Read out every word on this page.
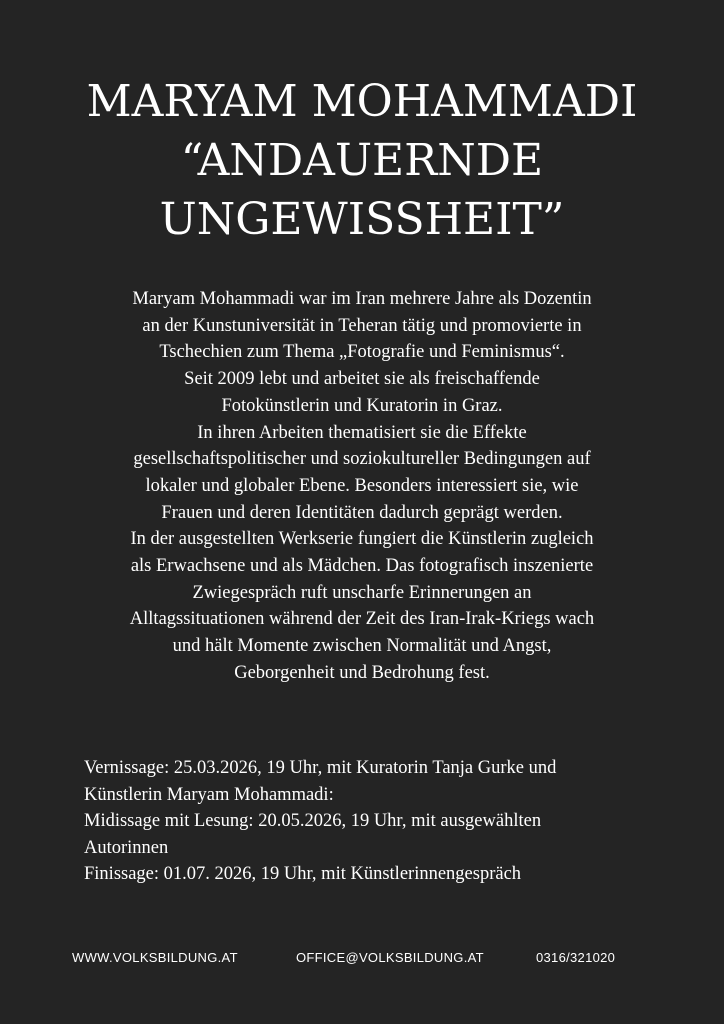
MARYAM MOHAMMADI
“ANDAUERNDE
UNGEWISSHEIT”
Maryam Mohammadi war im Iran mehrere Jahre als Dozentin
an der Kunstuniversität in Teheran tätig und promovierte in
Tschechien zum Thema „Fotografie und Feminismus“.
Seit 2009 lebt und arbeitet sie als freischaffende
Fotokünstlerin und Kuratorin in Graz.
In ihren Arbeiten thematisiert sie die Effekte
gesellschaftspolitischer und soziokultureller Bedingungen auf
lokaler und globaler Ebene. Besonders interessiert sie, wie
Frauen und deren Identitäten dadurch geprägt werden.
In der ausgestellten Werkserie fungiert die Künstlerin zugleich
als Erwachsene und als Mädchen. Das fotografisch inszenierte
Zwiegespräch ruft unscharfe Erinnerungen an
Alltagssituationen während der Zeit des Iran-Irak-Kriegs wach
und hält Momente zwischen Normalität und Angst,
Geborgenheit und Bedrohung fest.
Vernissage: 25.03.2026, 19 Uhr, mit Kuratorin Tanja Gurke und
Künstlerin Maryam Mohammadi:
Midissage mit Lesung: 20.05.2026, 19 Uhr, mit ausgewählten
Autorinnen
Finissage: 01.07. 2026, 19 Uhr, mit Künstlerinnengespräch
WWW.VOLKSBILDUNG.AT	OFFICE@VOLKSBILDUNG.AT	0316/321020
